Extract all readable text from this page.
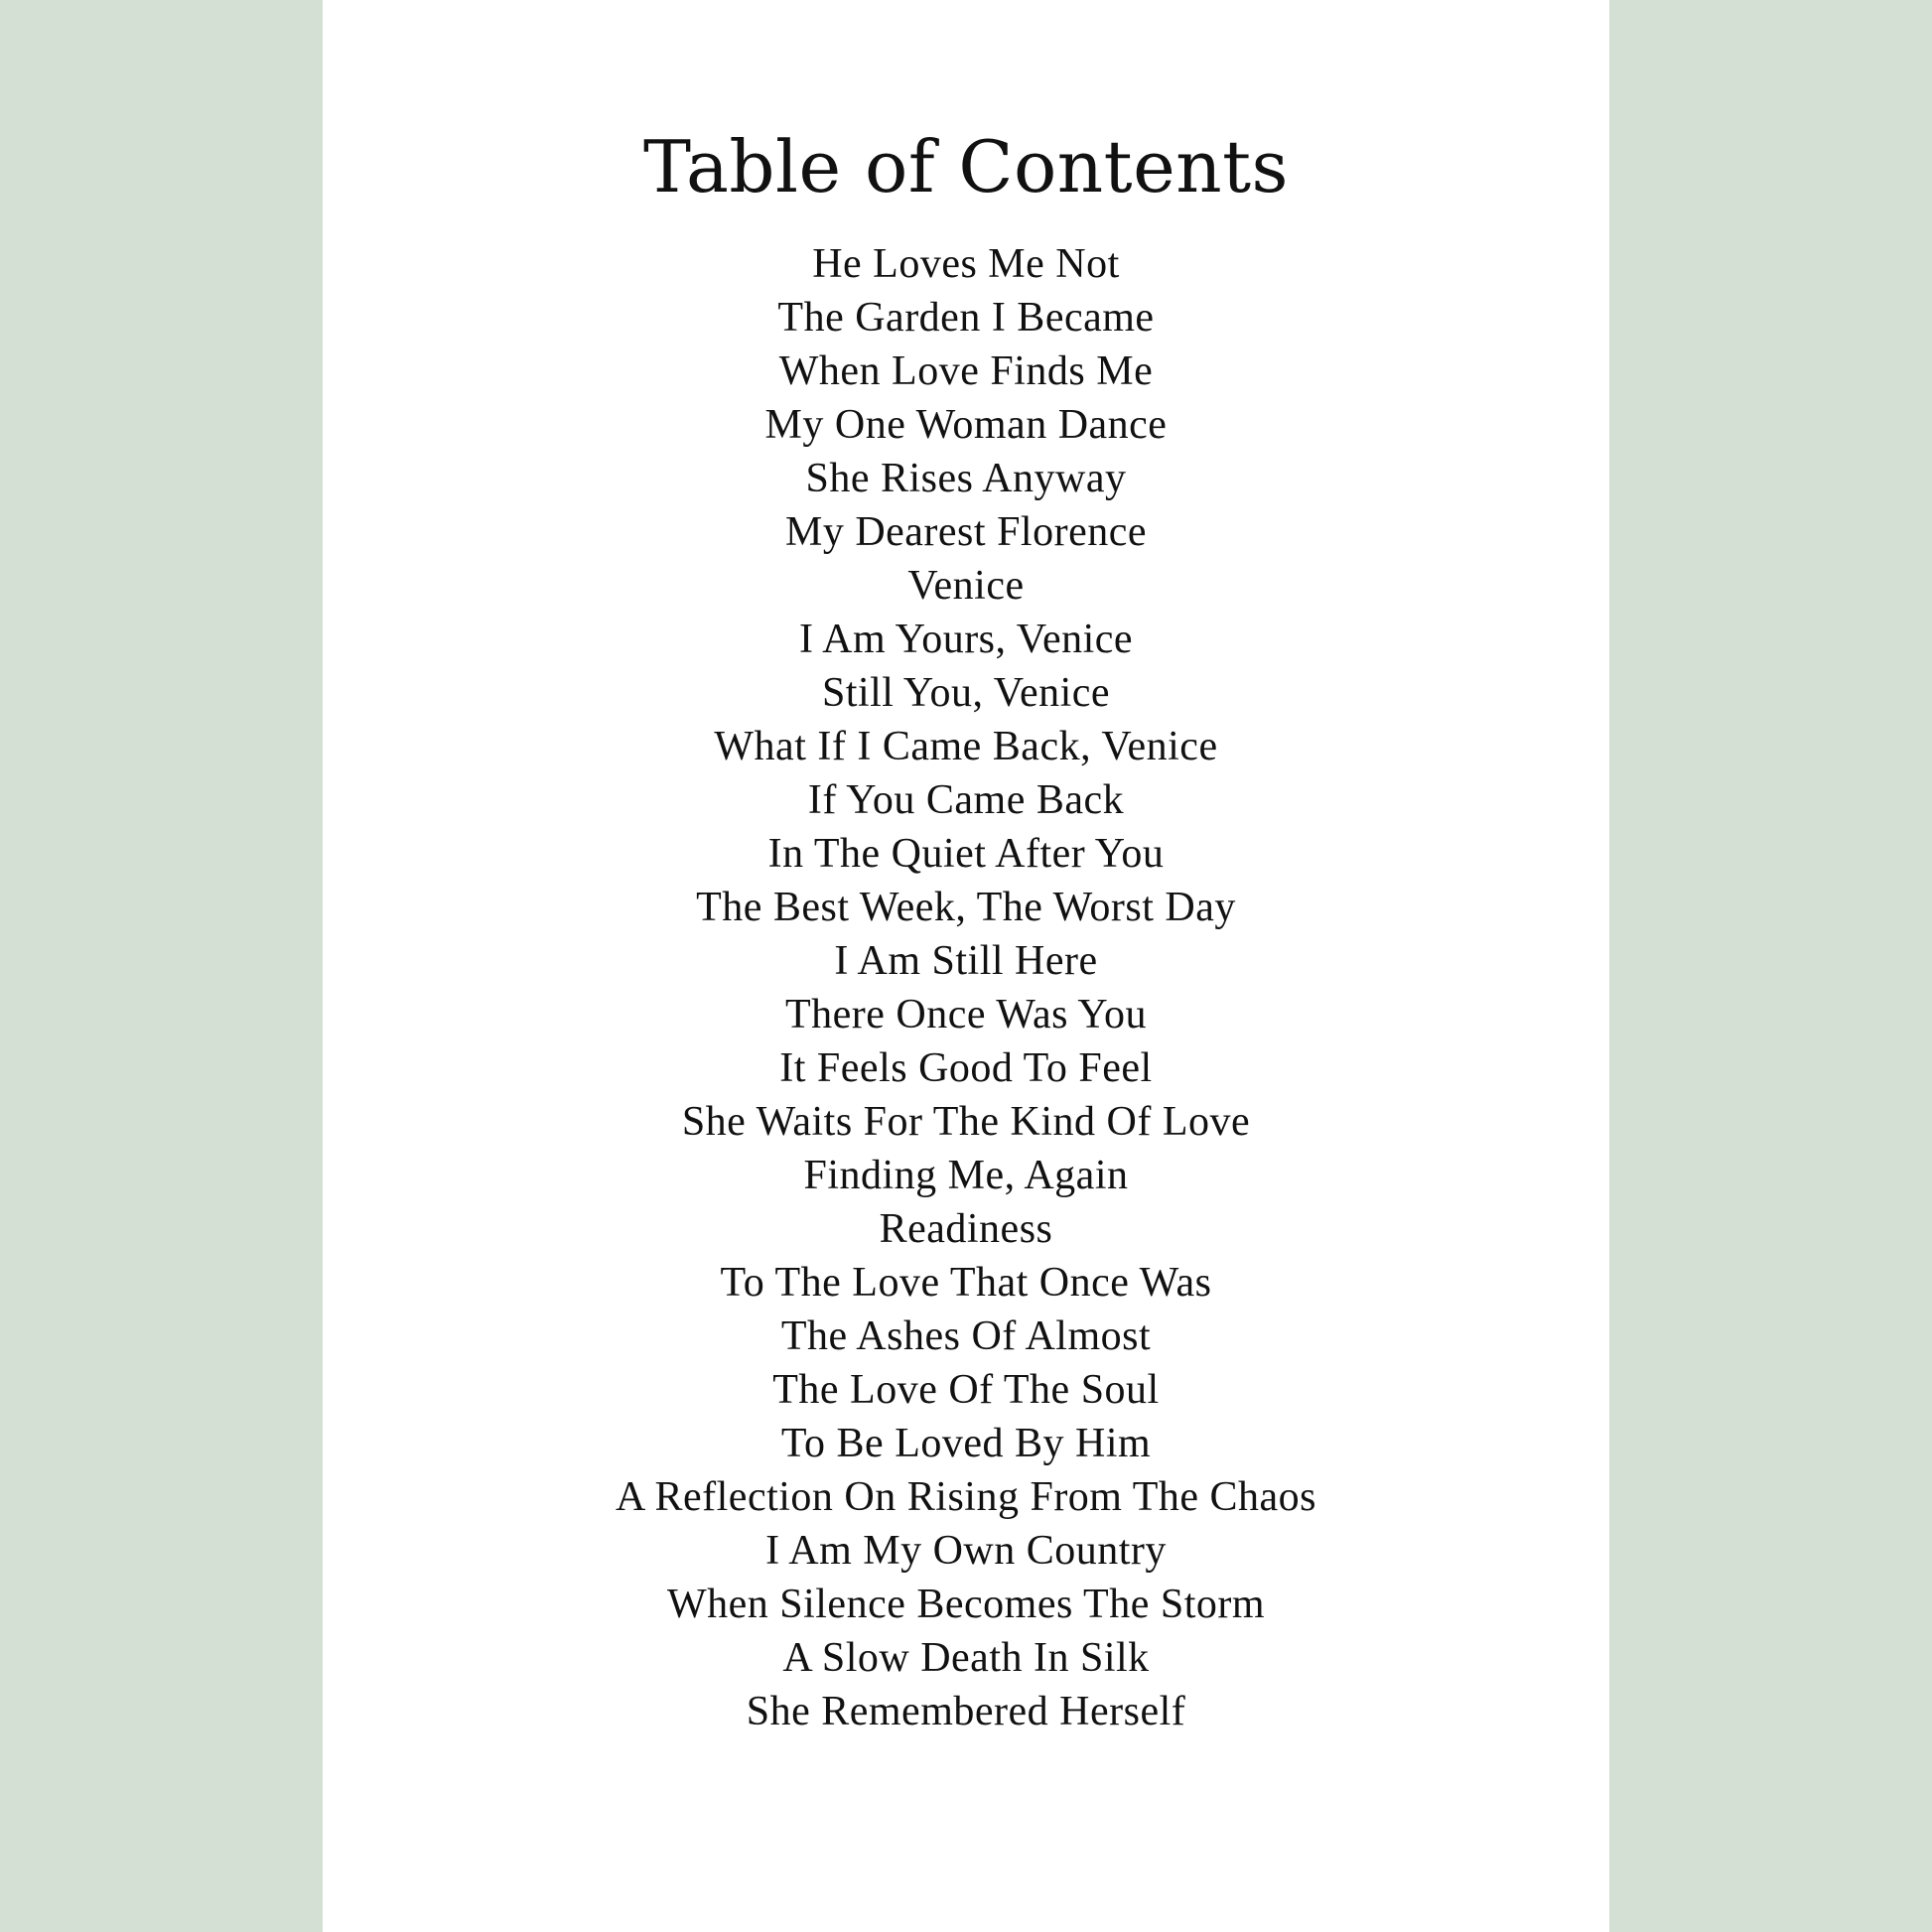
Table of Contents
He Loves Me Not
The Garden I Became
When Love Finds Me
My One Woman Dance
She Rises Anyway
My Dearest Florence
Venice
I Am Yours, Venice
Still You, Venice
What If I Came Back, Venice
If You Came Back
In The Quiet After You
The Best Week, The Worst Day
I Am Still Here
There Once Was You
It Feels Good To Feel
She Waits For The Kind Of Love
Finding Me, Again
Readiness
To The Love That Once Was
The Ashes Of Almost
The Love Of The Soul
To Be Loved By Him
A Reflection On Rising From The Chaos
I Am My Own Country
When Silence Becomes The Storm
A Slow Death In Silk
She Remembered Herself
